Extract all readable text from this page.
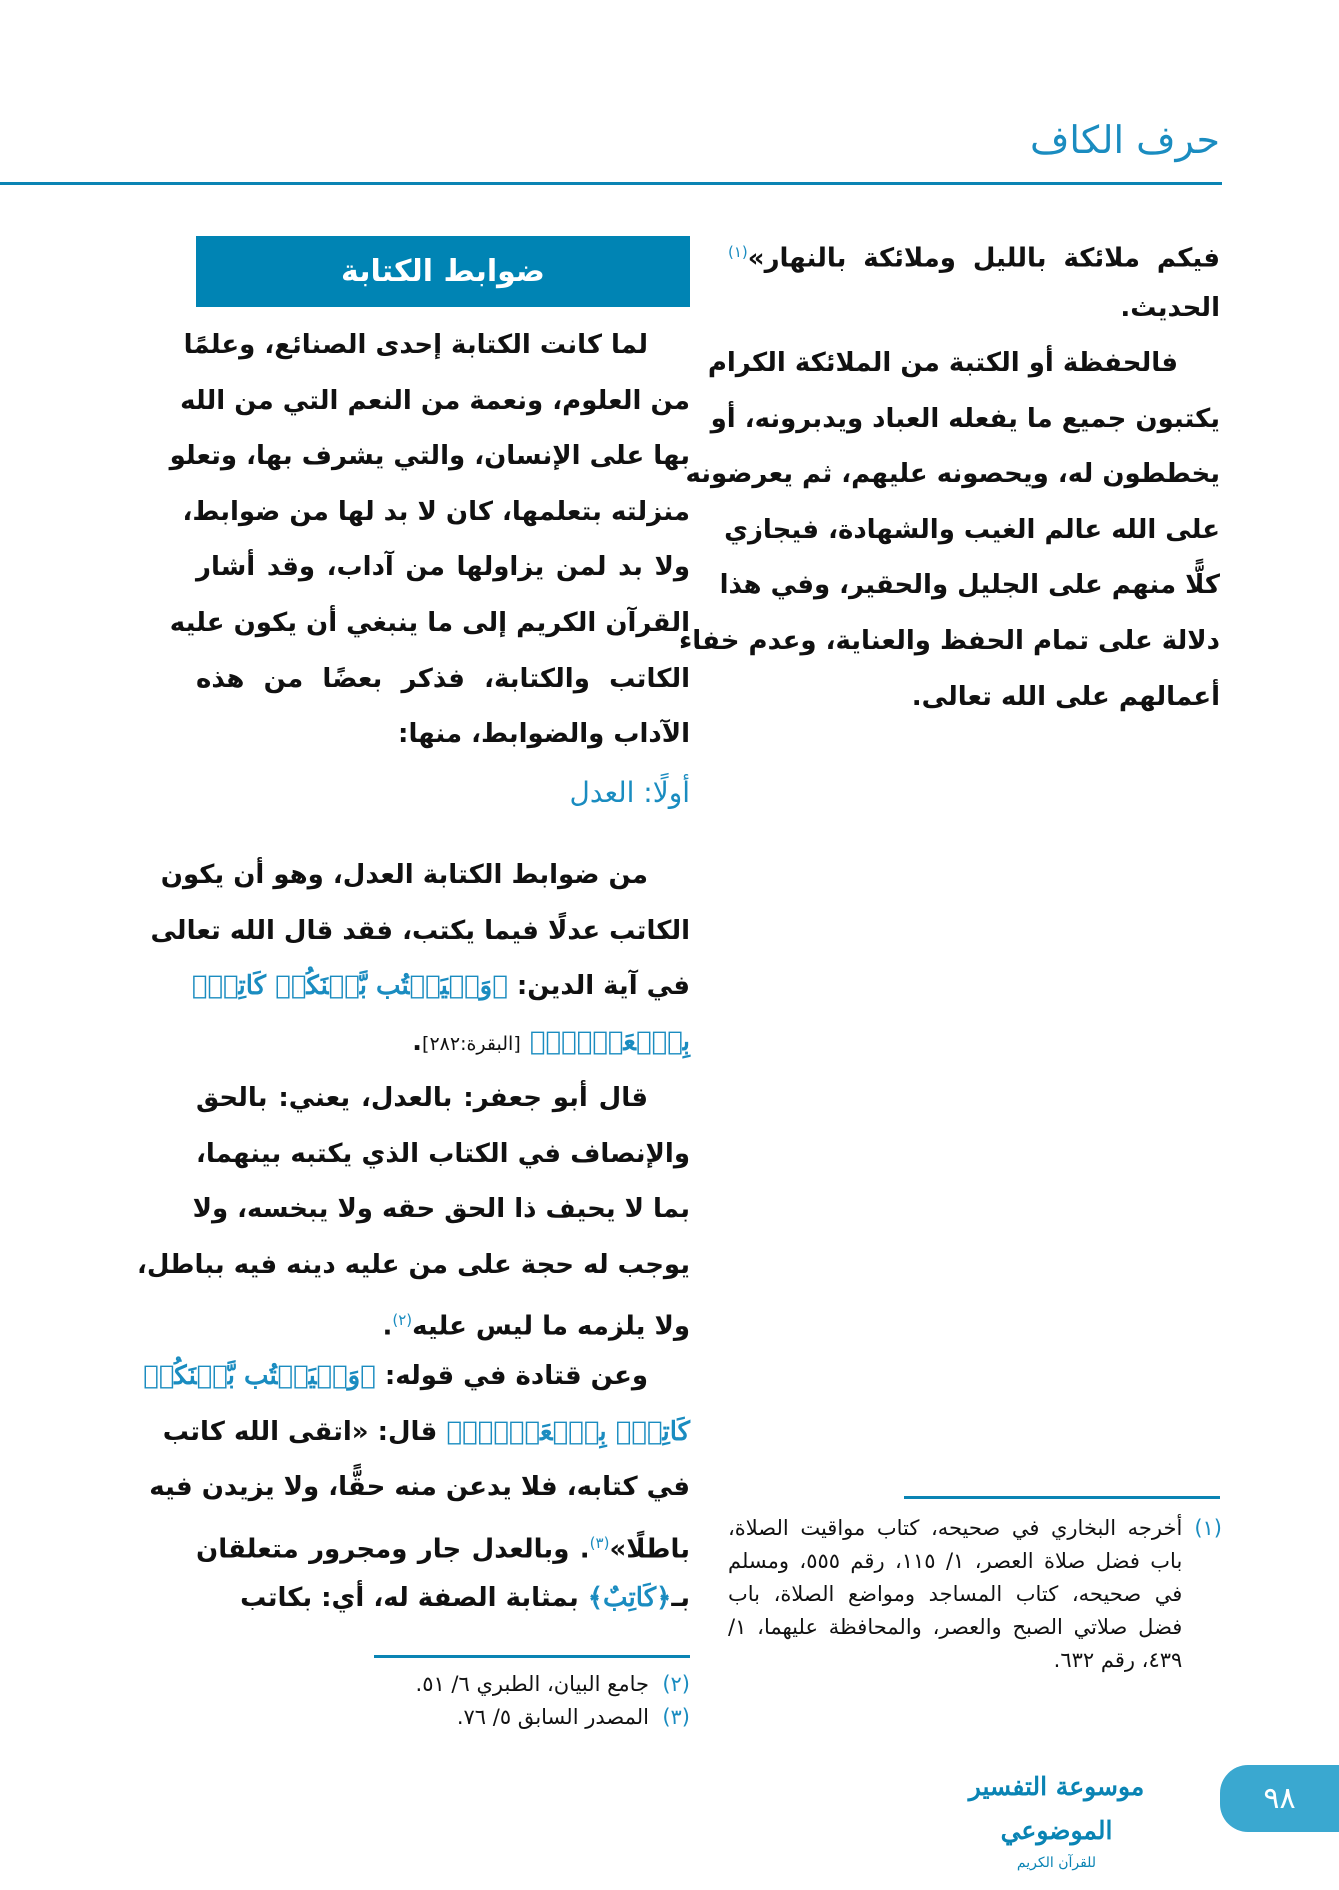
حرف الكاف
فيكم ملائكة بالليل وملائكة بالنهار»$^{(١)}$
الحديث.
فالحفظة أو الكتبة من الملائكة الكرام
يكتبون جميع ما يفعله العباد ويدبرونه، أو
يخططون له، ويحصونه عليهم، ثم يعرضونه
على الله عالم الغيب والشهادة، فيجازي
كلًّا منهم على الجليل والحقير، وفي هذا
دلالة على تمام الحفظ والعناية، وعدم خفاء
أعمالهم على الله تعالى.
(١)
أخرجه البخاري في صحيحه، كتاب مواقيت الصلاة، باب فضل صلاة العصر، ١/ ١١٥، رقم ٥٥٥، ومسلم في صحيحه، كتاب المساجد ومواضع الصلاة، باب فضل صلاتي الصبح والعصر، والمحافظة عليهما، ١/ ٤٣٩، رقم ٦٣٢.
ضوابط الكتابة
لما كانت الكتابة إحدى الصنائع، وعلمًا
من العلوم، ونعمة من النعم التي من الله
بها على الإنسان، والتي يشرف بها، وتعلو
منزلته بتعلمها، كان لا بد لها من ضوابط،
ولا بد لمن يزاولها من آداب، وقد أشار
القرآن الكريم إلى ما ينبغي أن يكون عليه
الكاتب والكتابة، فذكر بعضًا من هذه
الآداب والضوابط، منها:
أولًا: العدل
من ضوابط الكتابة العدل، وهو أن يكون
الكاتب عدلًا فيما يكتب، فقد قال الله تعالى
في آية الدين: ﴿وَلۡيَكۡتُب بَّيۡنَكُمۡ كَاتِبُۢ
بِٱلۡعَدۡلِۚ﴾ [البقرة:٢٨٢].
قال أبو جعفر: بالعدل، يعني: بالحق
والإنصاف في الكتاب الذي يكتبه بينهما،
بما لا يحيف ذا الحق حقه ولا يبخسه، ولا
يوجب له حجة على من عليه دينه فيه بباطل،
ولا يلزمه ما ليس عليه$^{(٢)}$.
وعن قتادة في قوله: ﴿وَلۡيَكۡتُب بَّيۡنَكُمۡ
كَاتِبُۢ بِٱلۡعَدۡلِۚ﴾ قال: «اتقى الله كاتب
في كتابه، فلا يدعن منه حقًّا، ولا يزيدن فيه
باطلًا»$^{(٣)}$. وبالعدل جار ومجرور متعلقان
بـ﴿كَاتِبٌ﴾ بمثابة الصفة له، أي: بكاتب
(٢)  جامع البيان، الطبري ٦/ ٥١.
(٣)  المصدر السابق ٥/ ٧٦.
موسوعة التفسير الموضوعي
للقرآن الكريم
٩٨
